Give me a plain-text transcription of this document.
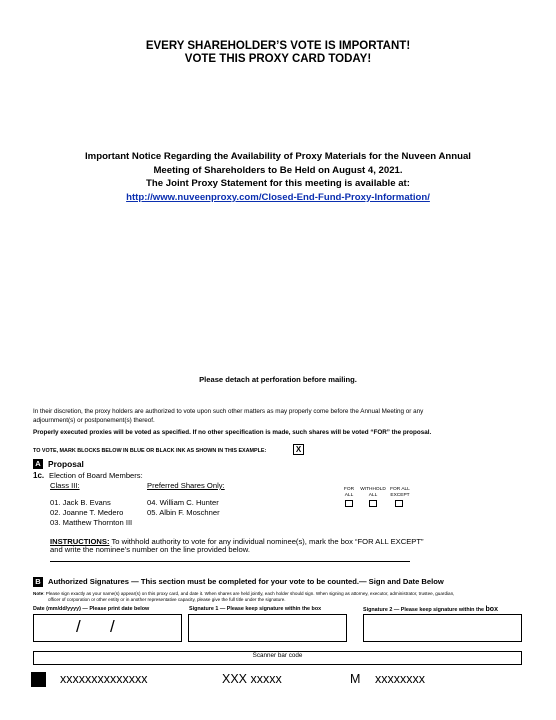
EVERY SHAREHOLDER’S VOTE IS IMPORTANT!
VOTE THIS PROXY CARD TODAY!
Important Notice Regarding the Availability of Proxy Materials for the Nuveen Annual
Meeting of Shareholders to Be Held on August 4, 2021.
The Joint Proxy Statement for this meeting is available at:
http://www.nuveenproxy.com/Closed-End-Fund-Proxy-Information/
Please detach at perforation before mailing.
In their discretion, the proxy holders are authorized to vote upon such other matters as may properly come before the Annual Meeting or any
adjournment(s) or postponement(s) thereof.
Properly executed proxies will be voted as specified. If no other specification is made, such shares will be voted “FOR” the proposal.
TO VOTE, MARK BLOCKS BELOW IN BLUE OR BLACK INK AS SHOWN IN THIS EXAMPLE:	X
A Proposal
1c. Election of Board Members:
Class III:	Preferred Shares Only:
01. Jack B. Evans
02. Joanne T. Medero
03. Matthew Thornton III
04. William C. Hunter
05. Albin F. Moschner
FOR
ALL
WITHHOLD
ALL
FOR ALL
EXCEPT
INSTRUCTIONS: To withhold authority to vote for any individual nominee(s), mark the box “FOR ALL EXCEPT”
and write the nominee’s number on the line provided below.
B Authorized Signatures — This section must be completed for your vote to be counted.— Sign and Date Below
Note: Please sign exactly as your name(s) appear(s) on this proxy card, and date it. When shares are held jointly, each holder should sign. When signing as attorney, executor, administrator, trustee, guardian,
officer of corporation or other entity or in another representative capacity, please give the full title under the signature.
Date (mm/dd/yyyy) — Please print date below	Signature 1 — Please keep signature within the box	Signature 2 — Please keep signature within the box
/ /
Scanner bar code
xxxxxxxxxxxxxx	XXX xxxxx	M xxxxxxxx
